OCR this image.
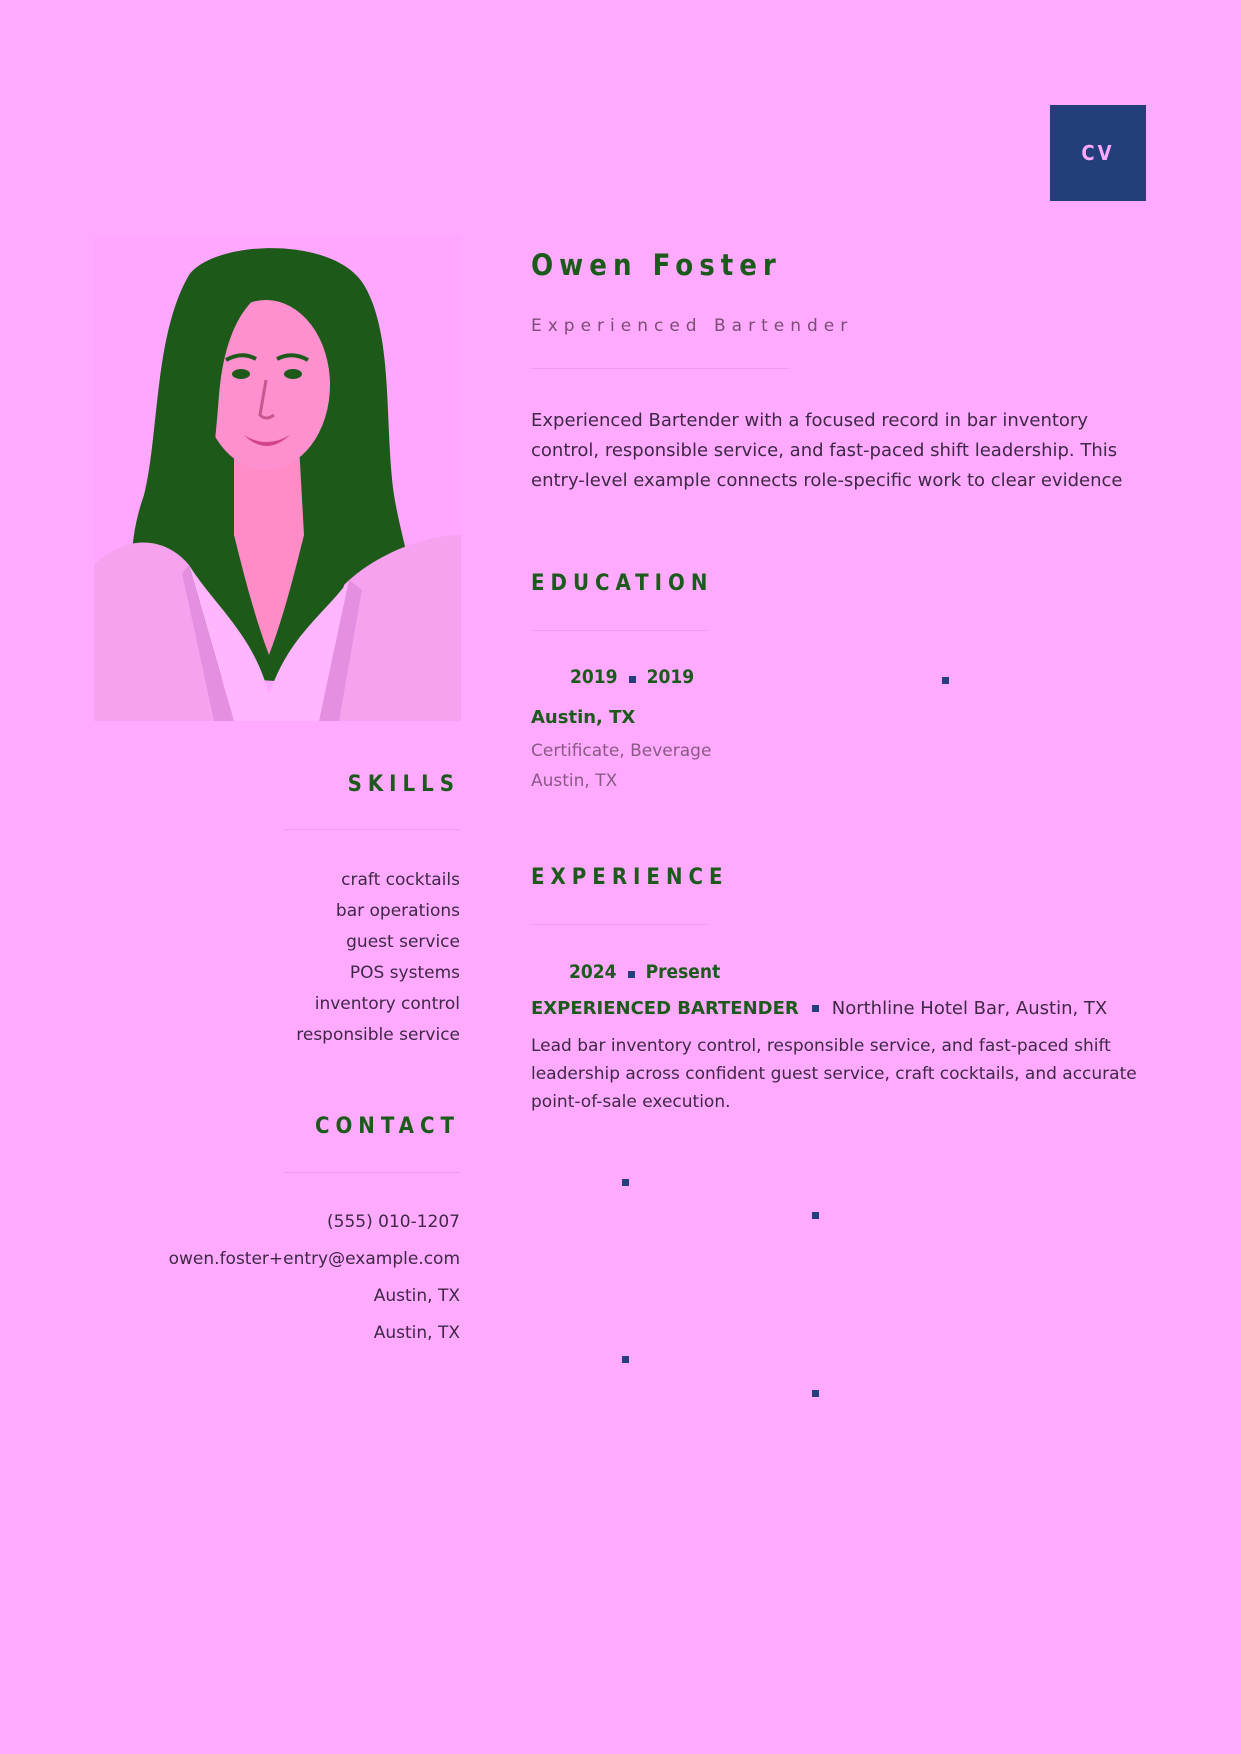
CV
Owen Foster
Experienced Bartender
Experienced Bartender with a focused record in bar inventory control, responsible service, and fast-paced shift leadership. This entry-level example connects role-specific work to clear evidence
EDUCATION
2019 2019
Austin, TX
Certificate, Beverage
Austin, TX
EXPERIENCE
2024 Present
EXPERIENCED BARTENDER Northline Hotel Bar, Austin, TX
Lead bar inventory control, responsible service, and fast-paced shift leadership across confident guest service, craft cocktails, and accurate point-of-sale execution.
SKILLS
craft cocktails
bar operations
guest service
POS systems
inventory control
responsible service
CONTACT
(555) 010-1207
owen.foster+entry@example.com
Austin, TX
Austin, TX
